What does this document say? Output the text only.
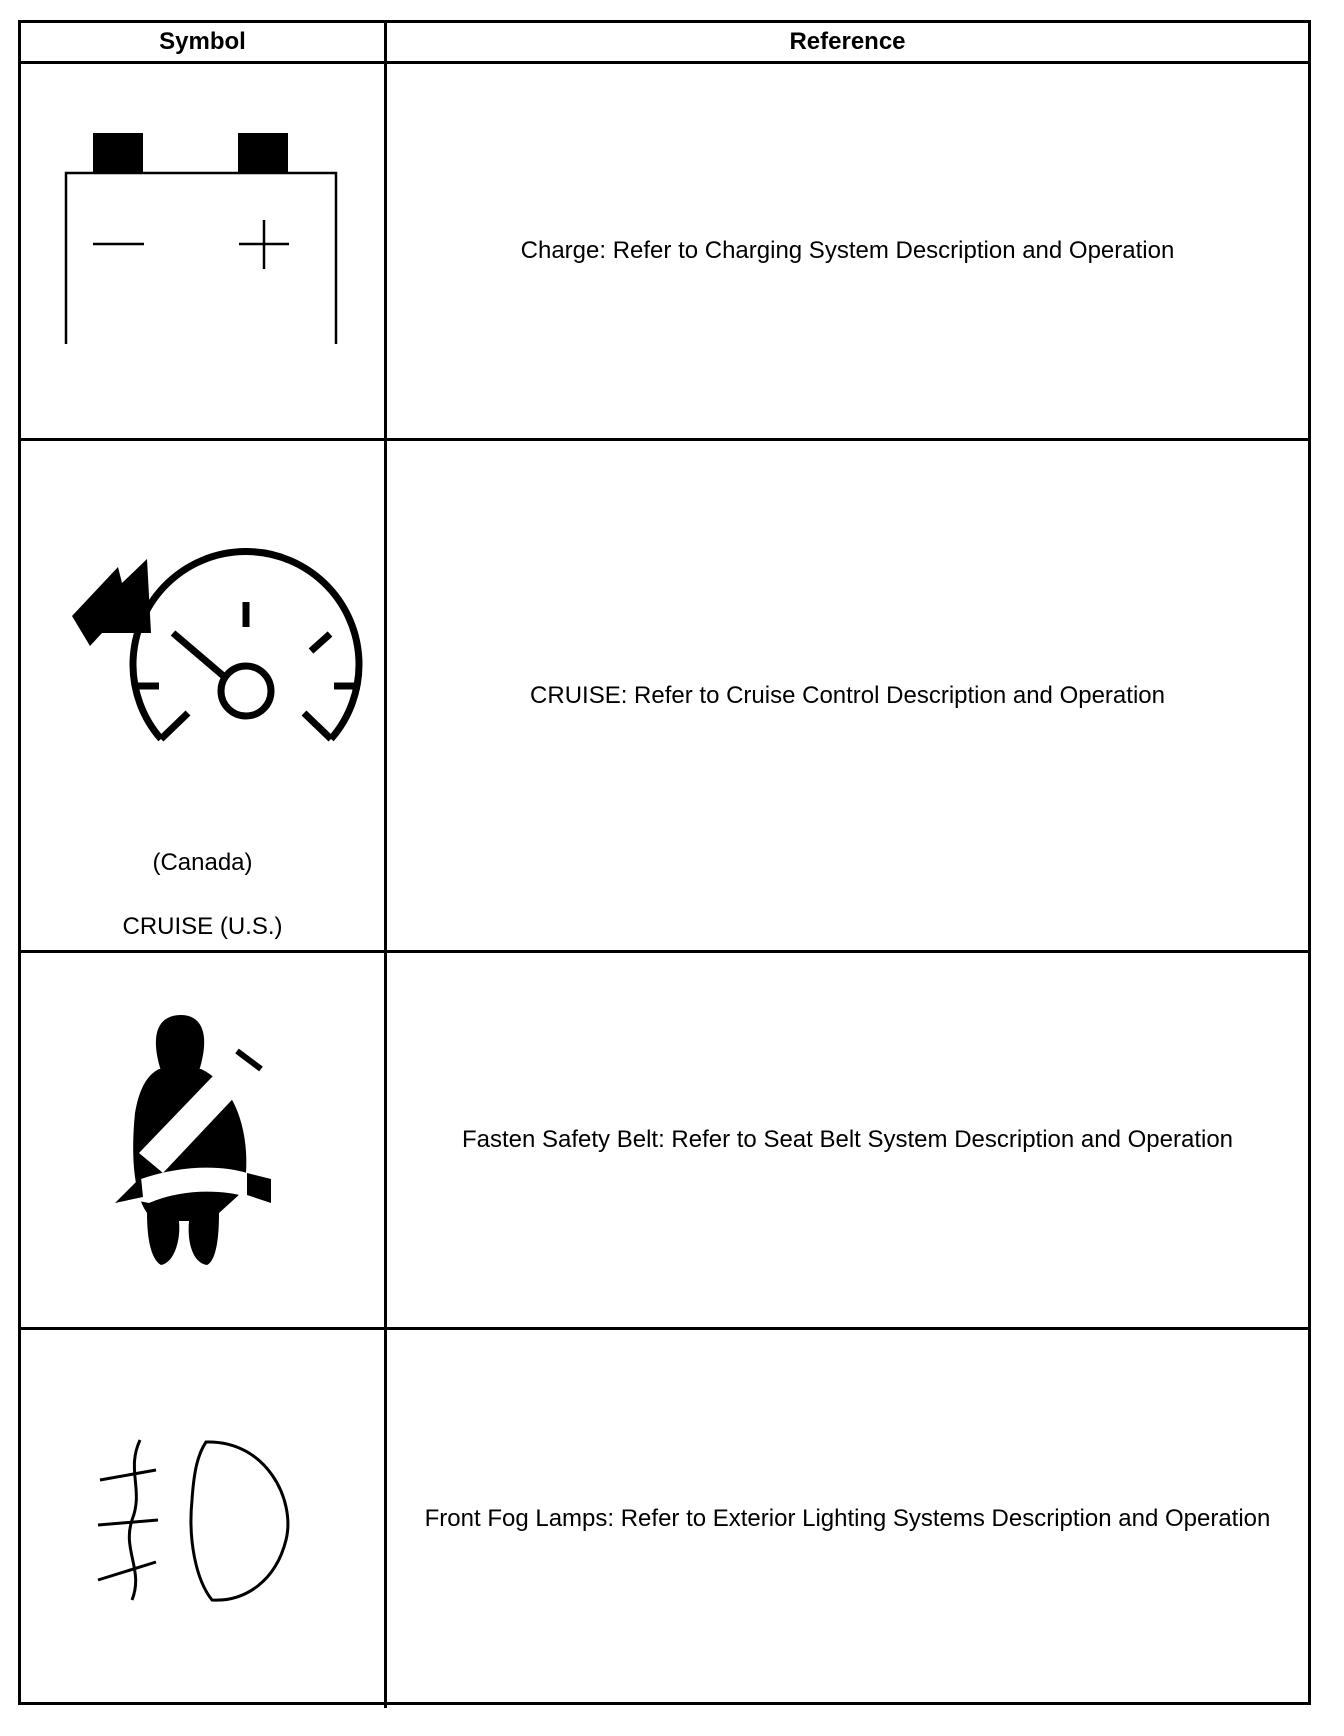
Symbol	Reference
Charge: Refer to Charging System Description and Operation
(Canada)
CRUISE (U.S.)
CRUISE: Refer to Cruise Control Description and Operation
Fasten Safety Belt: Refer to Seat Belt System Description and Operation
Front Fog Lamps: Refer to Exterior Lighting Systems Description and Operation
